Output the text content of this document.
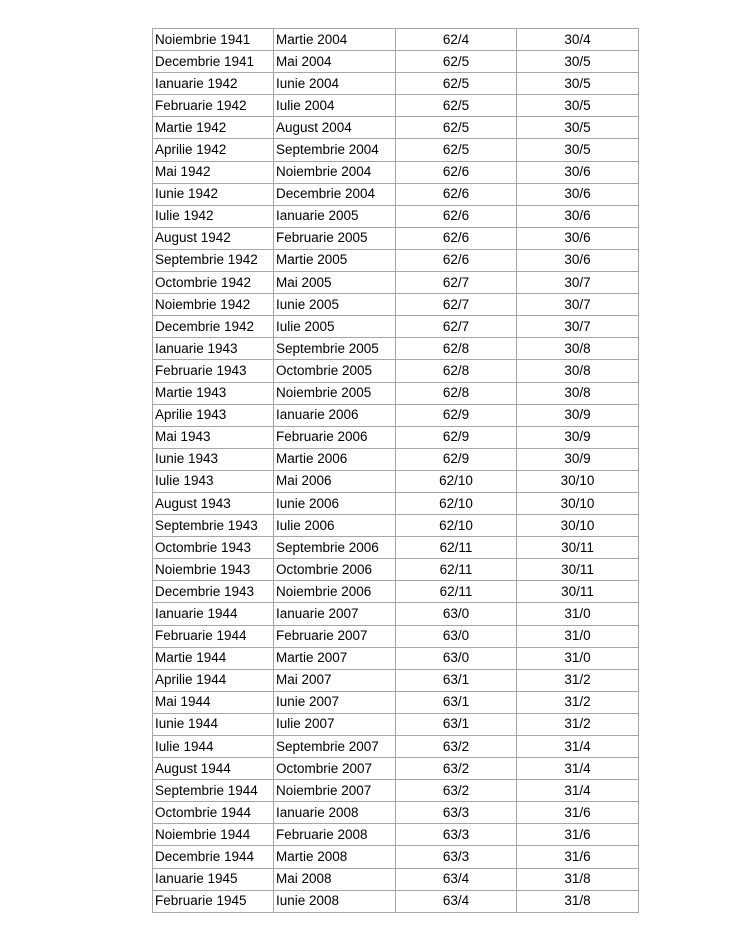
Noiembrie 1941	Martie 2004	62/4	30/4
Decembrie 1941	Mai 2004	62/5	30/5
Ianuarie 1942	Iunie 2004	62/5	30/5
Februarie 1942	Iulie 2004	62/5	30/5
Martie 1942	August 2004	62/5	30/5
Aprilie 1942	Septembrie 2004	62/5	30/5
Mai 1942	Noiembrie 2004	62/6	30/6
Iunie 1942	Decembrie 2004	62/6	30/6
Iulie 1942	Ianuarie 2005	62/6	30/6
August 1942	Februarie 2005	62/6	30/6
Septembrie 1942	Martie 2005	62/6	30/6
Octombrie 1942	Mai 2005	62/7	30/7
Noiembrie 1942	Iunie 2005	62/7	30/7
Decembrie 1942	Iulie 2005	62/7	30/7
Ianuarie 1943	Septembrie 2005	62/8	30/8
Februarie 1943	Octombrie 2005	62/8	30/8
Martie 1943	Noiembrie 2005	62/8	30/8
Aprilie 1943	Ianuarie 2006	62/9	30/9
Mai 1943	Februarie 2006	62/9	30/9
Iunie 1943	Martie 2006	62/9	30/9
Iulie 1943	Mai 2006	62/10	30/10
August 1943	Iunie 2006	62/10	30/10
Septembrie 1943	Iulie 2006	62/10	30/10
Octombrie 1943	Septembrie 2006	62/11	30/11
Noiembrie 1943	Octombrie 2006	62/11	30/11
Decembrie 1943	Noiembrie 2006	62/11	30/11
Ianuarie 1944	Ianuarie 2007	63/0	31/0
Februarie 1944	Februarie 2007	63/0	31/0
Martie 1944	Martie 2007	63/0	31/0
Aprilie 1944	Mai 2007	63/1	31/2
Mai 1944	Iunie 2007	63/1	31/2
Iunie 1944	Iulie 2007	63/1	31/2
Iulie 1944	Septembrie 2007	63/2	31/4
August 1944	Octombrie 2007	63/2	31/4
Septembrie 1944	Noiembrie 2007	63/2	31/4
Octombrie 1944	Ianuarie 2008	63/3	31/6
Noiembrie 1944	Februarie 2008	63/3	31/6
Decembrie 1944	Martie 2008	63/3	31/6
Ianuarie 1945	Mai 2008	63/4	31/8
Februarie 1945	Iunie 2008	63/4	31/8
